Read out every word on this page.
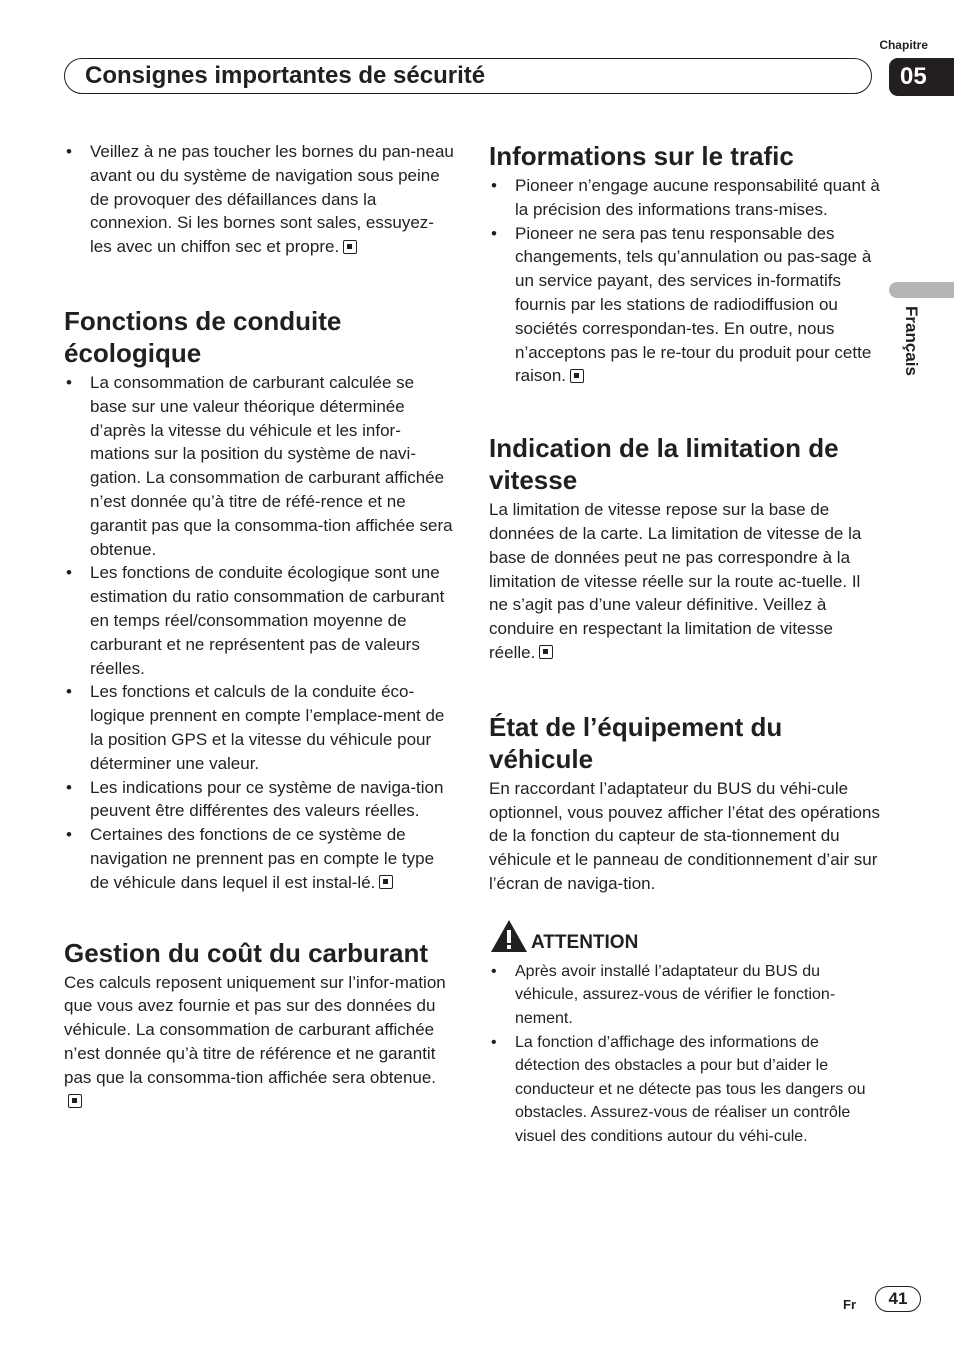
Chapitre
Consignes importantes de sécurité	05
Français
• Veillez à ne pas toucher les bornes du pan-neau avant ou du système de navigation sous peine de provoquer des défaillances dans la connexion. Si les bornes sont sales, essuyez-les avec un chiffon sec et propre.
Fonctions de conduite écologique
• La consommation de carburant calculée se base sur une valeur théorique déterminée d’après la vitesse du véhicule et les infor-mations sur la position du système de navi-gation. La consommation de carburant affichée n’est donnée qu’à titre de réfé-rence et ne garantit pas que la consomma-tion affichée sera obtenue.
• Les fonctions de conduite écologique sont une estimation du ratio consommation de carburant en temps réel/consommation moyenne de carburant et ne représentent pas de valeurs réelles.
• Les fonctions et calculs de la conduite éco-logique prennent en compte l’emplace-ment de la position GPS et la vitesse du véhicule pour déterminer une valeur.
• Les indications pour ce système de naviga-tion peuvent être différentes des valeurs réelles.
• Certaines des fonctions de ce système de navigation ne prennent pas en compte le type de véhicule dans lequel il est instal-lé.
Gestion du coût du carburant

Ces calculs reposent uniquement sur l’infor-mation que vous avez fournie et pas sur des données du véhicule. La consommation de carburant affichée n’est donnée qu’à titre de référence et ne garantit pas que la consomma-tion affichée sera obtenue.

Informations sur le trafic
• Pioneer n’engage aucune responsabilité quant à la précision des informations trans-mises.
• Pioneer ne sera pas tenu responsable des changements, tels qu’annulation ou pas-sage à un service payant, des services in-formatifs fournis par les stations de radiodiffusion ou sociétés correspondan-tes. En outre, nous n’acceptons pas le re-tour du produit pour cette raison.
Indication de la limitation de vitesse

La limitation de vitesse repose sur la base de données de la carte. La limitation de vitesse de la base de données peut ne pas correspondre à la limitation de vitesse réelle sur la route ac-tuelle. Il ne s’agit pas d’une valeur définitive. Veillez à conduire en respectant la limitation de vitesse réelle.

État de l’équipement du véhicule

En raccordant l’adaptateur du BUS du véhi-cule optionnel, vous pouvez afficher l’état des opérations de la fonction du capteur de sta-tionnement du véhicule et le panneau de conditionnement d’air sur l’écran de naviga-tion.

ATTENTION
• Après avoir installé l’adaptateur du BUS du véhicule, assurez-vous de vérifier le fonction-nement.
• La fonction d’affichage des informations de détection des obstacles a pour but d’aider le conducteur et ne détecte pas tous les dangers ou obstacles. Assurez-vous de réaliser un contrôle visuel des conditions autour du véhi-cule.
Fr	41
